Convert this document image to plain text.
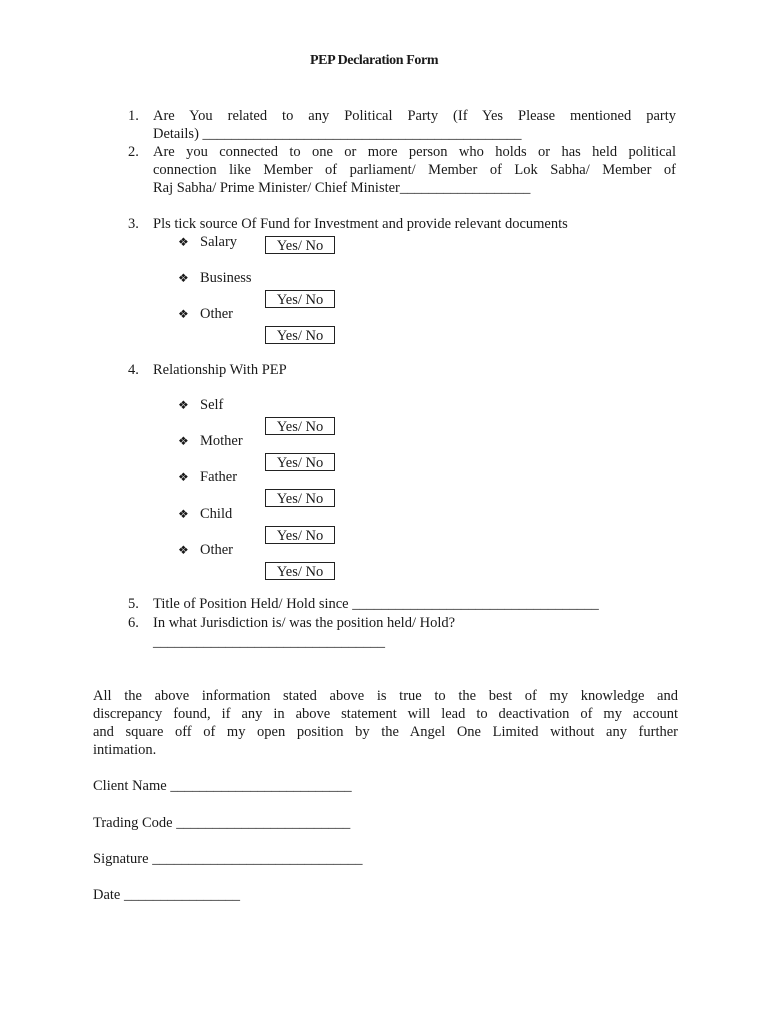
PEP Declaration Form
1. Are You related to any Political Party (If Yes Please mentioned party
Details) ____________________________________________
2. Are you connected to one or more person who holds or has held political
connection like Member of parliament/ Member of Lok Sabha/ Member of
Raj Sabha/ Prime Minister/ Chief Minister__________________
3. Pls tick source Of Fund for Investment and provide relevant documents
❖ Salary	Yes/ No
❖ Business
Yes/ No
❖ Other
Yes/ No
4. Relationship With PEP
❖ Self
Yes/ No
❖ Mother
Yes/ No
❖ Father
Yes/ No
❖ Child
Yes/ No
❖ Other
Yes/ No
5. Title of Position Held/ Hold since __________________________________
6. In what Jurisdiction is/ was the position held/ Hold?
________________________________
All the above information stated above is true to the best of my knowledge and
discrepancy found, if any in above statement will lead to deactivation of my account
and square off of my open position by the Angel One Limited without any further
intimation.
Client Name _________________________
Trading Code ________________________
Signature _____________________________
Date ________________
